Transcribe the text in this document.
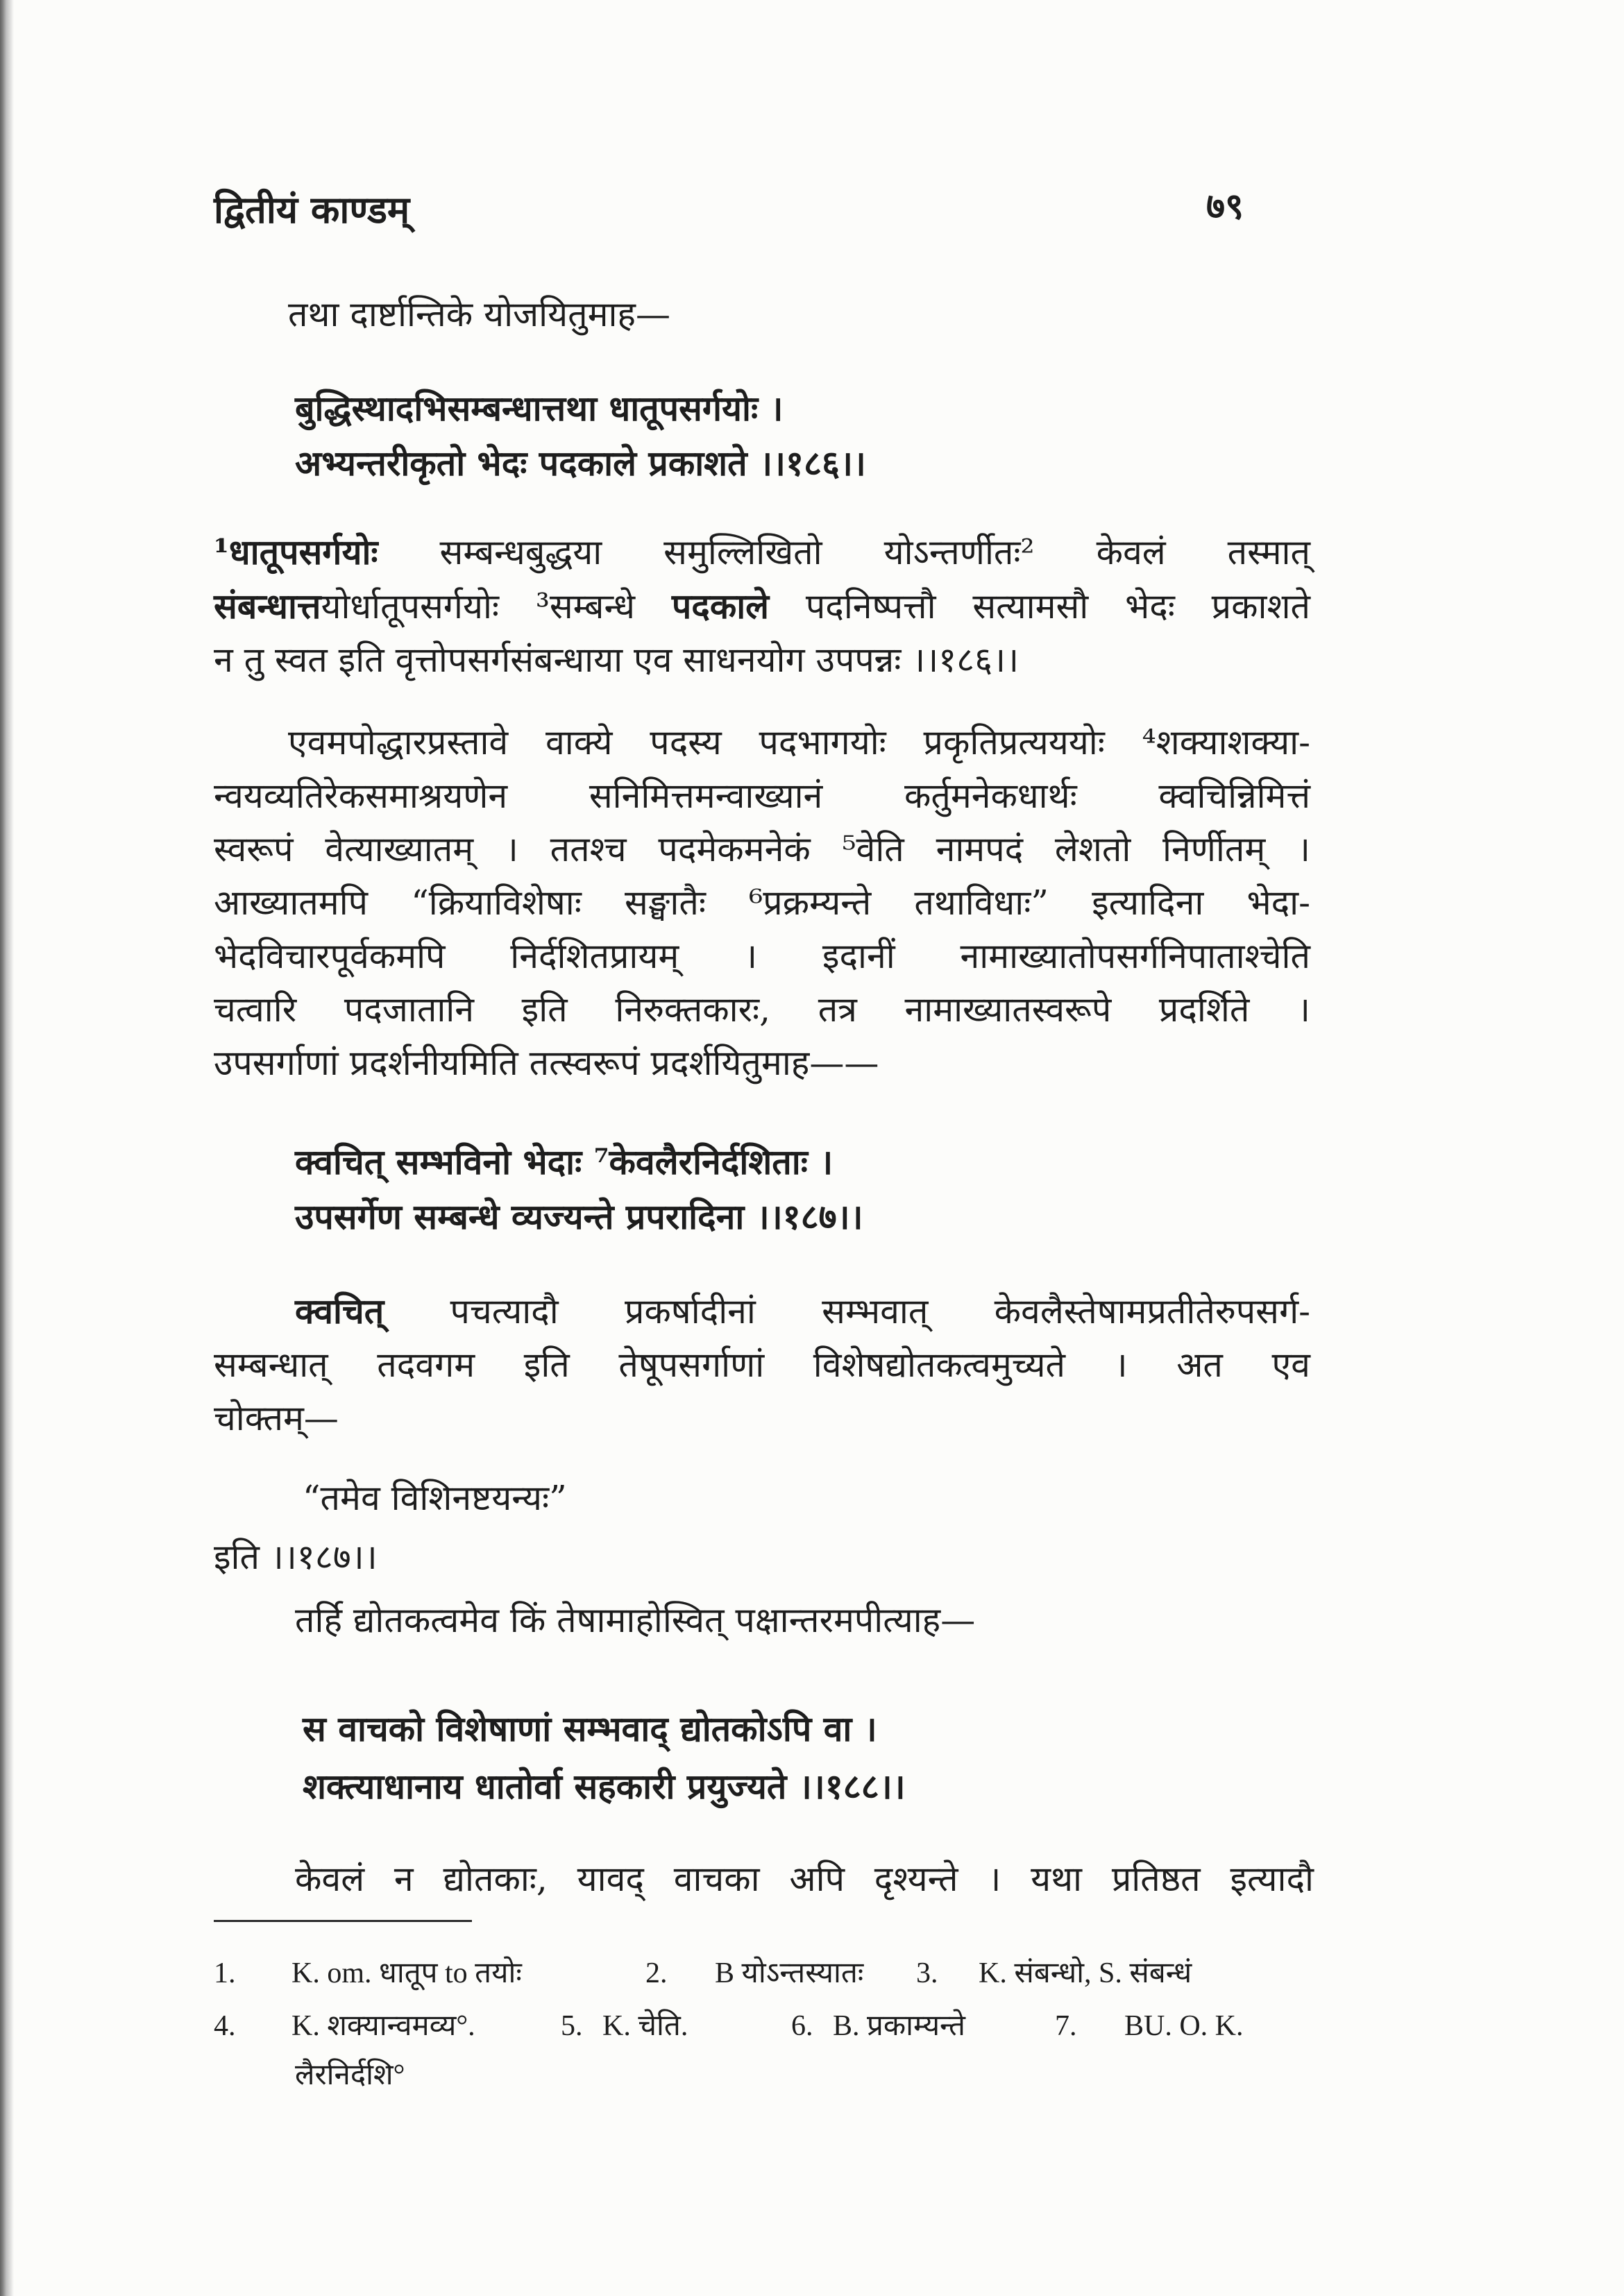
द्वितीयं काण्डम्	७९
तथा दार्ष्टान्तिके योजयितुमाह—
बुद्धिस्थादभिसम्बन्धात्तथा धातूपसर्गयोः ।
अभ्यन्तरीकृतो भेदः पदकाले प्रकाशते ।।१८६।।
¹धातूपसर्गयोः सम्बन्धबुद्धया समुल्लिखितो योऽन्तर्णीतः² केवलं तस्मात्
संबन्धात्तयोर्धातूपसर्गयोः ³सम्बन्धे पदकाले पदनिष्पत्तौ सत्यामसौ भेदः प्रकाशते
न तु स्वत इति वृत्तोपसर्गसंबन्धाया एव साधनयोग उपपन्नः ।।१८६।।
एवमपोद्धारप्रस्तावे वाक्ये पदस्य पदभागयोः प्रकृतिप्रत्यययोः ⁴शक्याशक्या-
न्वयव्यतिरेकसमाश्रयणेन सनिमित्तमन्वाख्यानं कर्तुमनेकधार्थः क्वचिन्निमित्तं
स्वरूपं वेत्याख्यातम् । ततश्च पदमेकमनेकं ⁵वेति नामपदं लेशतो निर्णीतम् ।
आख्यातमपि “क्रियाविशेषाः सङ्घातैः ⁶प्रक्रम्यन्ते तथाविधाः” इत्यादिना भेदा-
भेदविचारपूर्वकमपि निर्दशितप्रायम् । इदानीं नामाख्यातोपसर्गनिपाताश्चेति
चत्वारि पदजातानि इति निरुक्तकारः, तत्र नामाख्यातस्वरूपे प्रदर्शिते ।
उपसर्गाणां प्रदर्शनीयमिति तत्स्वरूपं प्रदर्शयितुमाह——
क्वचित् सम्भविनो भेदाः ⁷केवलैरनिर्दशिताः ।
उपसर्गेण सम्बन्धे व्यज्यन्ते प्रपरादिना ।।१८७।।
क्वचित् पचत्यादौ प्रकर्षादीनां सम्भवात् केवलैस्तेषामप्रतीतेरुपसर्ग-
सम्बन्धात् तदवगम इति तेषूपसर्गाणां विशेषद्योतकत्वमुच्यते । अत एव
चोक्तम्—
“तमेव विशिनष्टयन्यः”
इति ।।१८७।।
तर्हि द्योतकत्वमेव किं तेषामाहोस्वित् पक्षान्तरमपीत्याह—
स वाचको विशेषाणां सम्भवाद् द्योतकोऽपि वा ।
शक्त्याधानाय धातोर्वा सहकारी प्रयुज्यते ।।१८८।।
केवलं न द्योतकाः, यावद् वाचका अपि दृश्यन्ते । यथा प्रतिष्ठत इत्यादौ
1. K. om. धातूप to तयोः	2. B योऽन्तस्यातः 3. K. संबन्धो, S. संबन्धं
4. K. शक्यान्वमव्य°.	5. K. चेति.	6. B. प्रकाम्यन्ते	7. BU. O. K.
लैरनिर्दशि°
